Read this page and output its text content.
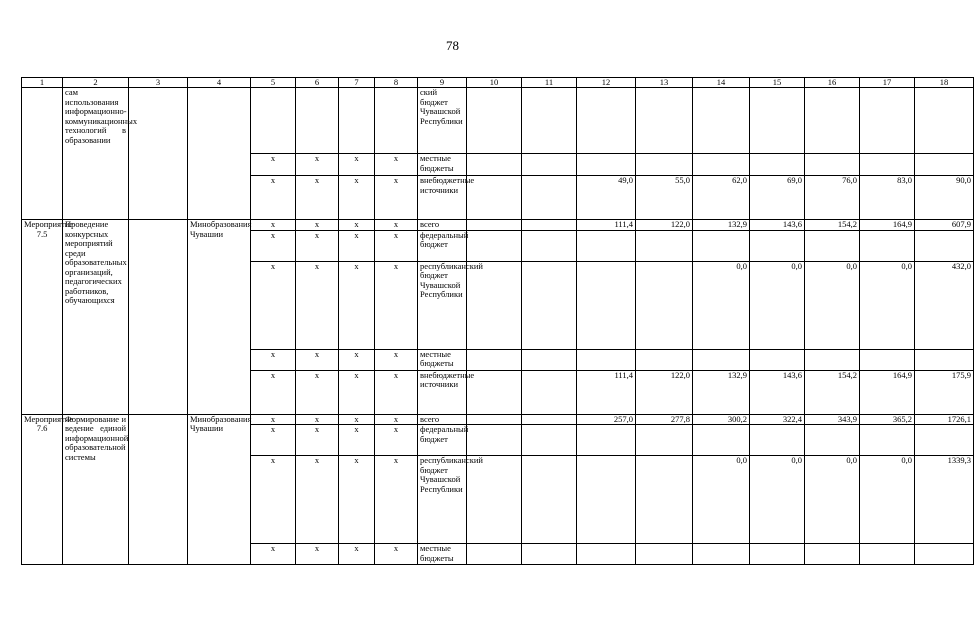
78
1	2	3	4	5	6	7	8	9	10	11	12	13	14	15	16	17	18
	сам использования информационно-коммуникационных технологий в образовании							ский бюджет Чувашской Республики									
				x	x	x	x	местные бюджеты									
				x	x	x	x	внебюджетные источники			49,0	55,0	62,0	69,0	76,0	83,0	90,0
Мероприятие 7.5	Проведение конкурсных мероприятий среди образовательных организаций, педагогических работников, обучающихся		Минобразования Чувашии	x	x	x	x	всего			111,4	122,0	132,9	143,6	154,2	164,9	607,9
				x	x	x	x	федеральный бюджет									
				x	x	x	x	республиканский бюджет Чувашской Республики					0,0	0,0	0,0	0,0	432,0
				x	x	x	x	местные бюджеты									
				x	x	x	x	внебюджетные источники			111,4	122,0	132,9	143,6	154,2	164,9	175,9
Мероприятие 7.6	Формирование и ведение единой информационной образовательной системы		Минобразования Чувашии	x	x	x	x	всего			257,0	277,8	300,2	322,4	343,9	365,2	1726,1
				x	x	x	x	федеральный бюджет									
				x	x	x	x	республиканский бюджет Чувашской Республики					0,0	0,0	0,0	0,0	1339,3
				x	x	x	x	местные бюджеты									
